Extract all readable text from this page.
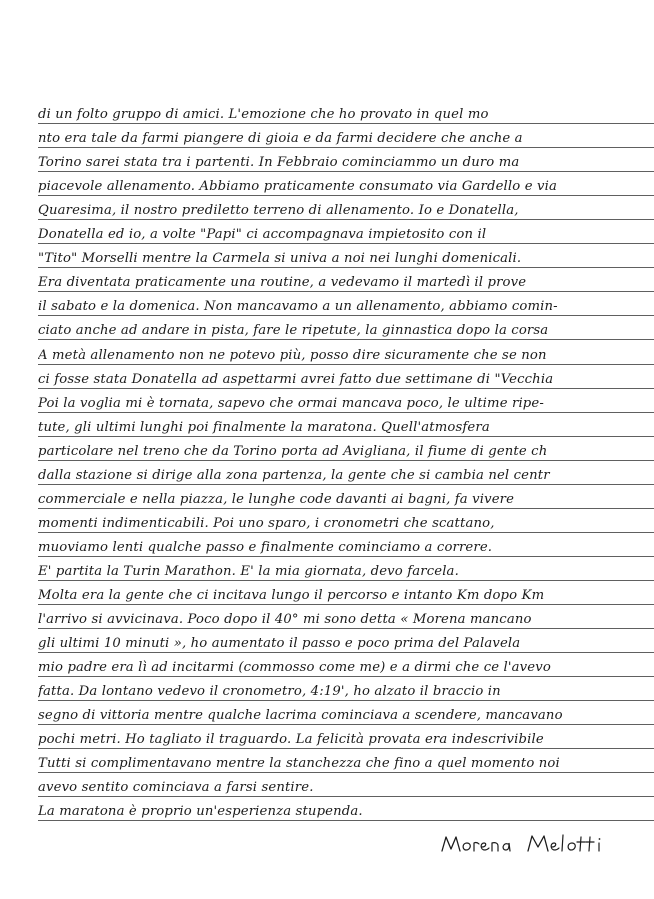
di un folto gruppo di amici. L'emozione che ho provato in quel mo
nto era tale da farmi piangere di gioia e da farmi decidere che anche a
Torino sarei stata tra i partenti. In Febbraio cominciammo un duro ma
piacevole allenamento. Abbiamo praticamente consumato via Gardello e via
Quaresima, il nostro prediletto terreno di allenamento. Io e Donatella,
Donatella ed io, a volte "Papi" ci accompagnava impietosito con il
"Tito" Morselli mentre la Carmela si univa a noi nei lunghi domenicali.
Era diventata praticamente una routine, a vedevamo il martedì il prove
il sabato e la domenica. Non mancavamo a un allenamento, abbiamo comin-
ciato anche ad andare in pista, fare le ripetute, la ginnastica dopo la corsa
A metà allenamento non ne potevo più, posso dire sicuramente che se non
ci fosse stata Donatella ad aspettarmi avrei fatto due settimane di "Vecchia
Poi la voglia mi è tornata, sapevo che ormai mancava poco, le ultime ripe-
tute, gli ultimi lunghi poi finalmente la maratona. Quell'atmosfera
particolare nel treno che da Torino porta ad Avigliana, il fiume di gente ch
dalla stazione si dirige alla zona partenza, la gente che si cambia nel centr
commerciale e nella piazza, le lunghe code davanti ai bagni, fa vivere
momenti indimenticabili. Poi uno sparo, i cronometri che scattano,
muoviamo lenti qualche passo e finalmente cominciamo a correre.
E' partita la Turin Marathon. E' la mia giornata, devo farcela.
Molta era la gente che ci incitava lungo il percorso e intanto Km dopo Km
l'arrivo si avvicinava. Poco dopo il 40° mi sono detta « Morena mancano
gli ultimi 10 minuti », ho aumentato il passo e poco prima del Palavela
mio padre era lì ad incitarmi (commosso come me) e a dirmi che ce l'avevo
fatta. Da lontano vedevo il cronometro, 4:19', ho alzato il braccio in
segno di vittoria mentre qualche lacrima cominciava a scendere, mancavano
pochi metri. Ho tagliato il traguardo. La felicità provata era indescrivibile
Tutti si complimentavano mentre la stanchezza che fino a quel momento noi
avevo sentito cominciava a farsi sentire.
La maratona è proprio un'esperienza stupenda.
